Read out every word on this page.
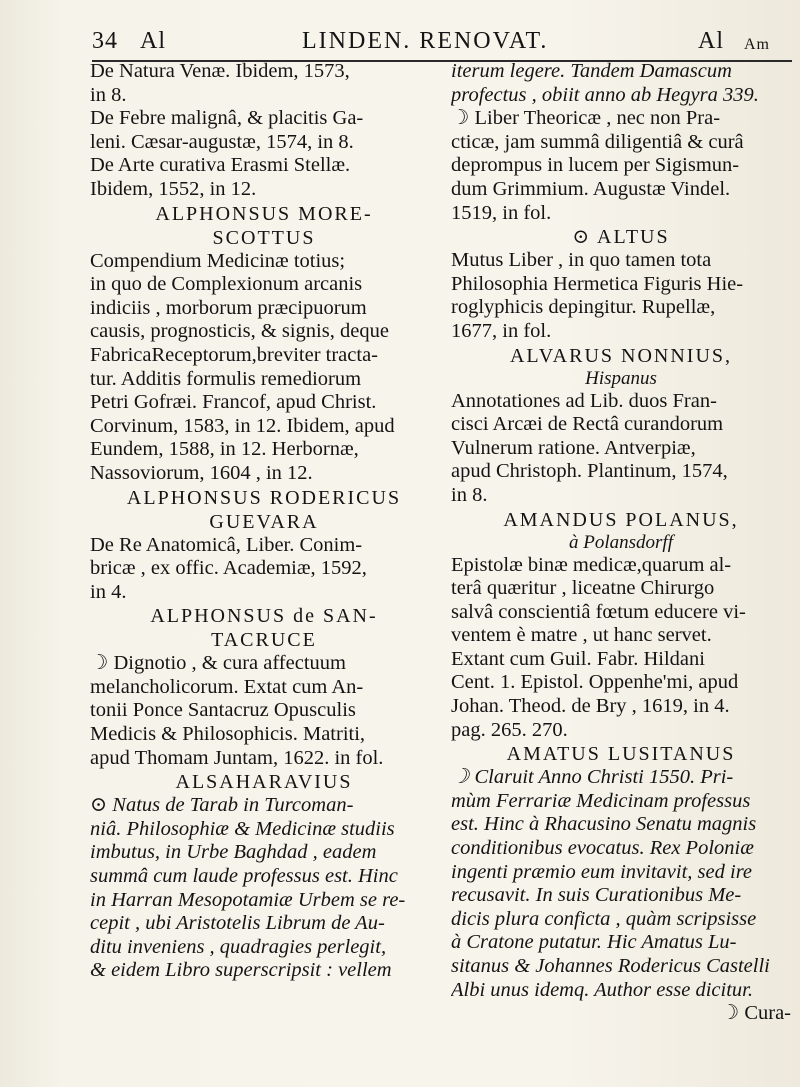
34 Al	LINDEN. RENOVAT.	Al Am
De Natura Venæ. Ibidem, 1573,
in 8.
De Febre malignâ, & placitis Ga-
leni. Cæsar-augustæ, 1574, in 8.
De Arte curativa Erasmi Stellæ.
Ibidem, 1552, in 12.
ALPHONSUS MORE-
SCOTTUS
Compendium Medicinæ totius;
in quo de Complexionum arcanis
indiciis , morborum præcipuorum
causis, prognosticis, & signis, deque
FabricaReceptorum,breviter tracta-
tur. Additis formulis remediorum
Petri Gofræi. Francof, apud Christ.
Corvinum, 1583, in 12. Ibidem, apud
Eundem, 1588, in 12. Herbornæ,
Nassoviorum, 1604 , in 12.
ALPHONSUS RODERICUS
GUEVARA
De Re Anatomicâ, Liber. Conim-
bricæ , ex offic. Academiæ, 1592,
in 4.
ALPHONSUS de SAN-
TACRUCE
☽ Dignotio , & cura affectuum
melancholicorum. Extat cum An-
tonii Ponce Santacruz Opusculis
Medicis & Philosophicis. Matriti,
apud Thomam Juntam, 1622. in fol.
ALSAHARAVIUS
⊙ Natus de Tarab in Turcoman-
niâ. Philosophiæ & Medicinæ studiis
imbutus, in Urbe Baghdad , eadem
summâ cum laude professus est. Hinc
in Harran Mesopotamiæ Urbem se re-
cepit , ubi Aristotelis Librum de Au-
ditu inveniens , quadragies perlegit,
& eidem Libro superscripsit : vellem
iterum legere. Tandem Damascum
profectus , obiit anno ab Hegyra 339.
☽ Liber Theoricæ , nec non Pra-
cticæ, jam summâ diligentiâ & curâ
deprompus in lucem per Sigismun-
dum Grimmium. Augustæ Vindel.
1519, in fol.
⊙ ALTUS
Mutus Liber , in quo tamen tota
Philosophia Hermetica Figuris Hie-
roglyphicis depingitur. Rupellæ,
1677, in fol.
ALVARUS NONNIUS,
Hispanus
Annotationes ad Lib. duos Fran-
cisci Arcæi de Rectâ curandorum
Vulnerum ratione. Antverpiæ,
apud Christoph. Plantinum, 1574,
in 8.
AMANDUS POLANUS,
à Polansdorff
Epistolæ binæ medicæ,quarum al-
terâ quæritur , liceatne Chirurgo
salvâ conscientiâ fœtum educere vi-
ventem è matre , ut hanc servet.
Extant cum Guil. Fabr. Hildani
Cent. 1. Epistol. Oppenhe'mi, apud
Johan. Theod. de Bry , 1619, in 4.
pag. 265. 270.
AMATUS LUSITANUS
☽ Claruit Anno Christi 1550. Pri-
mùm Ferrariæ Medicinam professus
est. Hinc à Rhacusino Senatu magnis
conditionibus evocatus. Rex Poloniæ
ingenti præmio eum invitavit, sed ire
recusavit. In suis Curationibus Me-
dicis plura conficta , quàm scripsisse
à Cratone putatur. Hic Amatus Lu-
sitanus & Johannes Rodericus Castelli
Albi unus idemq. Author esse dicitur.
☽ Cura-
